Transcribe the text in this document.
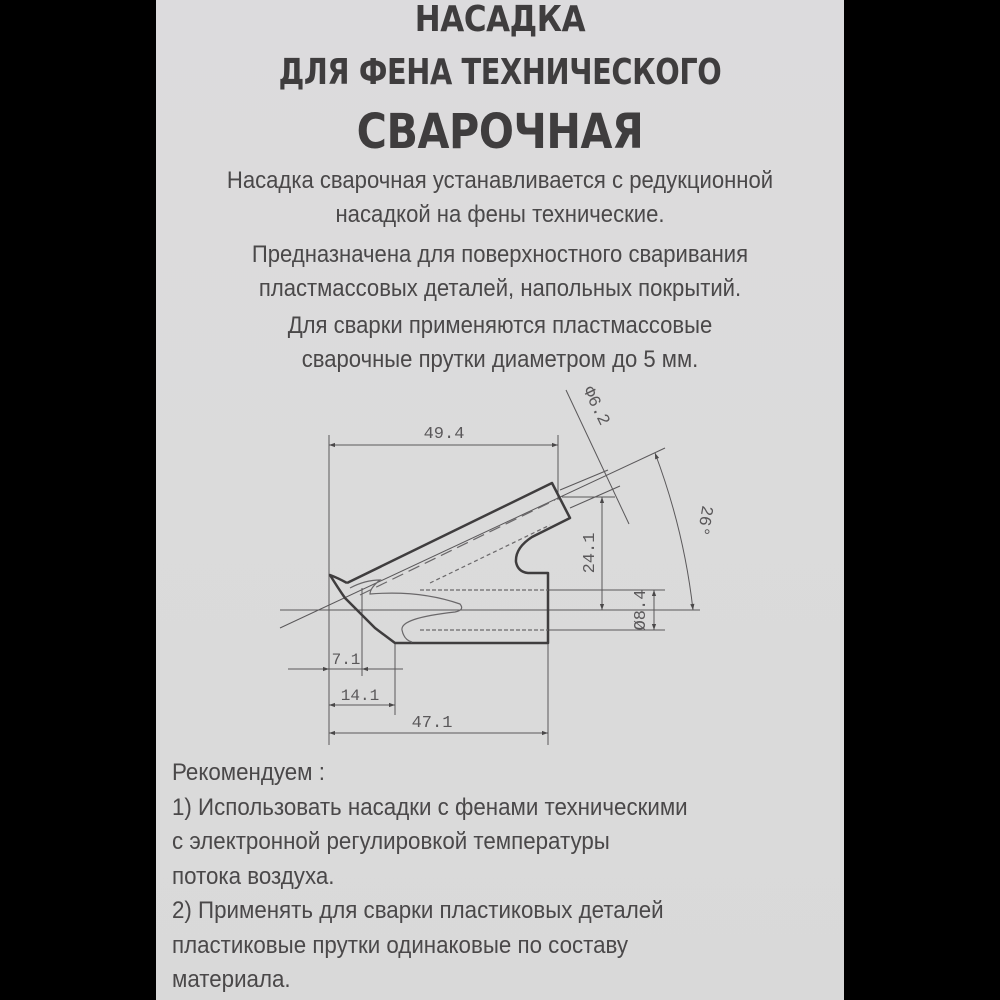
НАСАДКА
ДЛЯ ФЕНА ТЕХНИЧЕСКОГО
СВАРОЧНАЯ
Насадка сварочная устанавливается с редукционной
насадкой на фены технические.
Предназначена для поверхностного сваривания
пластмассовых деталей, напольных покрытий.
Для сварки применяются пластмассовые
сварочные прутки диаметром до 5 мм.
49.4
24.1
Ø8.4
Φ6.2
26°
7.1
14.1
47.1
Рекомендуем :
1) Использовать насадки с фенами техническими
с электронной регулировкой температуры
потока воздуха.
2) Применять для сварки пластиковых деталей
пластиковые прутки одинаковые по составу
материала.
